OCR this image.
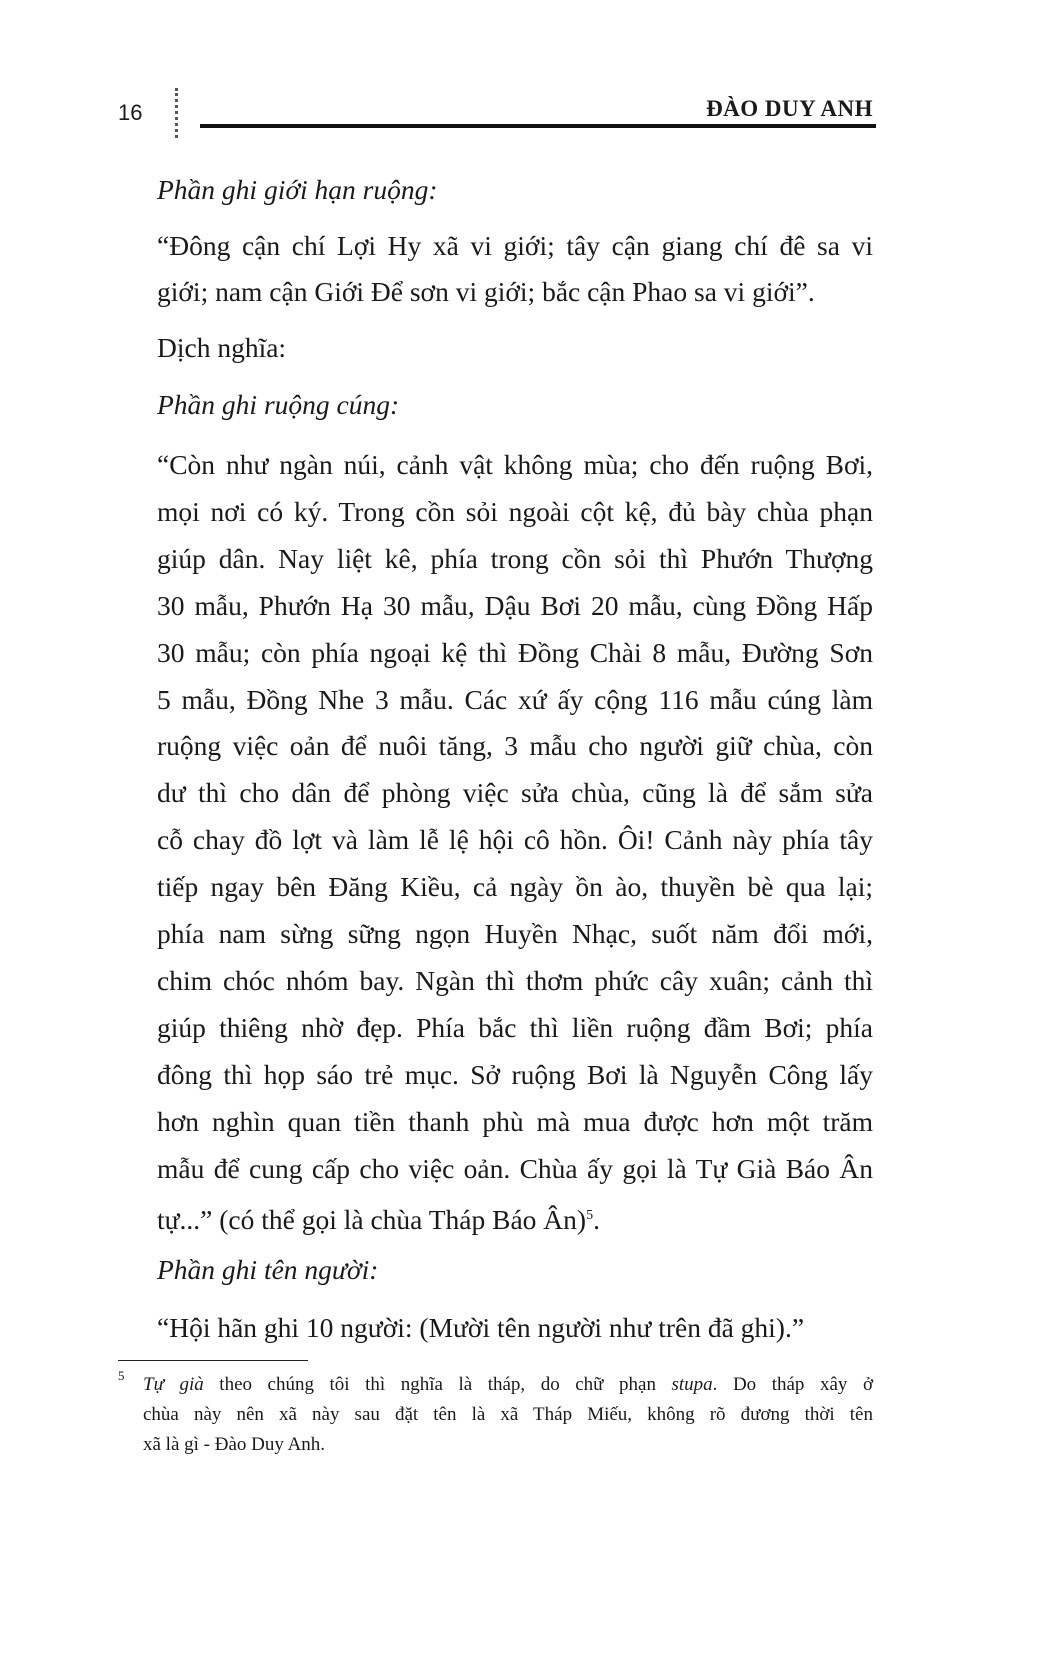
16	ĐÀO DUY ANH
Phần ghi giới hạn ruộng:
“Đông cận chí Lợi Hy xã vi giới; tây cận giang chí đê sa vi
giới; nam cận Giới Để sơn vi giới; bắc cận Phao sa vi giới”.
Dịch nghĩa:
Phần ghi ruộng cúng:
“Còn như ngàn núi, cảnh vật không mùa; cho đến ruộng Bơi,
mọi nơi có ký. Trong cồn sỏi ngoài cột kệ, đủ bày chùa phạn
giúp dân. Nay liệt kê, phía trong cồn sỏi thì Phướn Thượng
30 mẫu, Phướn Hạ 30 mẫu, Dậu Bơi 20 mẫu, cùng Đồng Hấp
30 mẫu; còn phía ngoại kệ thì Đồng Chài 8 mẫu, Đường Sơn
5 mẫu, Đồng Nhe 3 mẫu. Các xứ ấy cộng 116 mẫu cúng làm
ruộng việc oản để nuôi tăng, 3 mẫu cho người giữ chùa, còn
dư thì cho dân để phòng việc sửa chùa, cũng là để sắm sửa
cỗ chay đồ lợt và làm lễ lệ hội cô hồn. Ôi! Cảnh này phía tây
tiếp ngay bên Đăng Kiều, cả ngày ồn ào, thuyền bè qua lại;
phía nam sừng sững ngọn Huyền Nhạc, suốt năm đổi mới,
chim chóc nhóm bay. Ngàn thì thơm phức cây xuân; cảnh thì
giúp thiêng nhờ đẹp. Phía bắc thì liền ruộng đầm Bơi; phía
đông thì họp sáo trẻ mục. Sở ruộng Bơi là Nguyễn Công lấy
hơn nghìn quan tiền thanh phù mà mua được hơn một trăm
mẫu để cung cấp cho việc oản. Chùa ấy gọi là Tự Già Báo Ân
tự...” (có thể gọi là chùa Tháp Báo Ân)$^5$.
Phần ghi tên người:
“Hội hãn ghi 10 người: (Mười tên người như trên đã ghi).”
5 Tự già theo chúng tôi thì nghĩa là tháp, do chữ phạn stupa. Do tháp xây ở
chùa này nên xã này sau đặt tên là xã Tháp Miếu, không rõ đương thời tên
xã là gì - Đào Duy Anh.
